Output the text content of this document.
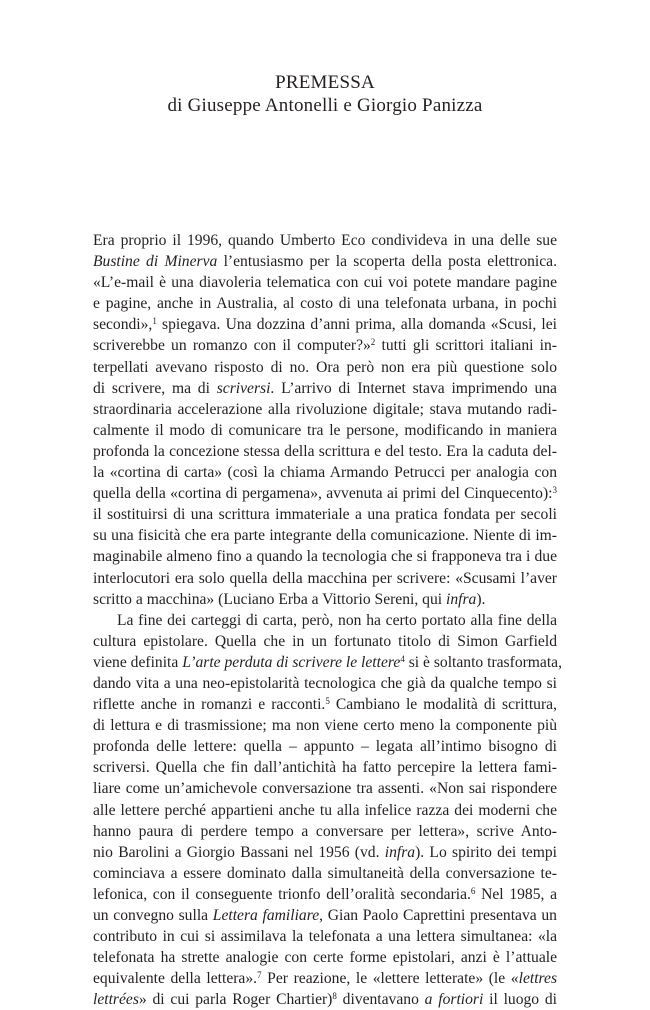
PREMESSA
di Giuseppe Antonelli e Giorgio Panizza
Era proprio il 1996, quando Umberto Eco condivideva in una delle sue
Bustine di Minerva l’entusiasmo per la scoperta della posta elettronica.
«L’e-mail è una diavoleria telematica con cui voi potete mandare pagine
e pagine, anche in Australia, al costo di una telefonata urbana, in pochi
secondi»,$^1$ spiegava. Una dozzina d’anni prima, alla domanda «Scusi, lei
scriverebbe un romanzo con il computer?»$^2$ tutti gli scrittori italiani in-
terpellati avevano risposto di no. Ora però non era più questione solo
di scrivere, ma di scriversi. L’arrivo di Internet stava imprimendo una
straordinaria accelerazione alla rivoluzione digitale; stava mutando radi-
calmente il modo di comunicare tra le persone, modificando in maniera
profonda la concezione stessa della scrittura e del testo. Era la caduta del-
la «cortina di carta» (così la chiama Armando Petrucci per analogia con
quella della «cortina di pergamena», avvenuta ai primi del Cinquecento):$^3$
il sostituirsi di una scrittura immateriale a una pratica fondata per secoli
su una fisicità che era parte integrante della comunicazione. Niente di im-
maginabile almeno fino a quando la tecnologia che si frapponeva tra i due
interlocutori era solo quella della macchina per scrivere: «Scusami l’aver
scritto a macchina» (Luciano Erba a Vittorio Sereni, qui infra).
La fine dei carteggi di carta, però, non ha certo portato alla fine della
cultura epistolare. Quella che in un fortunato titolo di Simon Garfield
viene definita L’arte perduta di scrivere le lettere$^4$ si è soltanto trasformata,
dando vita a una neo-epistolarità tecnologica che già da qualche tempo si
riflette anche in romanzi e racconti.$^5$ Cambiano le modalità di scrittura,
di lettura e di trasmissione; ma non viene certo meno la componente più
profonda delle lettere: quella – appunto – legata all’intimo bisogno di
scriversi. Quella che fin dall’antichità ha fatto percepire la lettera fami-
liare come un’amichevole conversazione tra assenti. «Non sai rispondere
alle lettere perché appartieni anche tu alla infelice razza dei moderni che
hanno paura di perdere tempo a conversare per lettera», scrive Anto-
nio Barolini a Giorgio Bassani nel 1956 (vd. infra). Lo spirito dei tempi
cominciava a essere dominato dalla simultaneità della conversazione te-
lefonica, con il conseguente trionfo dell’oralità secondaria.$^6$ Nel 1985, a
un convegno sulla Lettera familiare, Gian Paolo Caprettini presentava un
contributo in cui si assimilava la telefonata a una lettera simultanea: «la
telefonata ha strette analogie con certe forme epistolari, anzi è l’attuale
equivalente della lettera».$^7$ Per reazione, le «lettere letterate» (le «lettres
lettrées» di cui parla Roger Chartier)$^8$ diventavano a fortiori il luogo di
